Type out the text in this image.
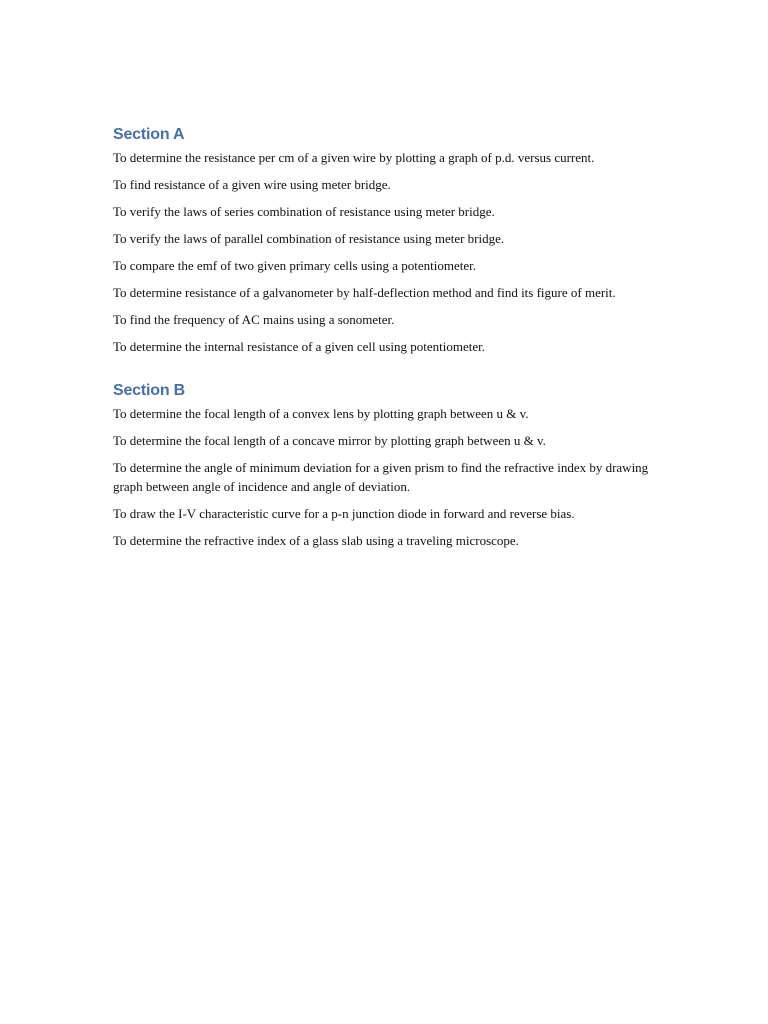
Section A

To determine the resistance per cm of a given wire by plotting a graph of p.d. versus current.

To find resistance of a given wire using meter bridge.

To verify the laws of series combination of resistance using meter bridge.

To verify the laws of parallel combination of resistance using meter bridge.

To compare the emf of two given primary cells using a potentiometer.

To determine resistance of a galvanometer by half-deflection method and find its figure of merit.

To find the frequency of AC mains using a sonometer.

To determine the internal resistance of a given cell using potentiometer.

Section B

To determine the focal length of a convex lens by plotting graph between u & v.

To determine the focal length of a concave mirror by plotting graph between u & v.

To determine the angle of minimum deviation for a given prism to find the refractive index by drawing graph between angle of incidence and angle of deviation.

To draw the I-V characteristic curve for a p-n junction diode in forward and reverse bias.

To determine the refractive index of a glass slab using a traveling microscope.
